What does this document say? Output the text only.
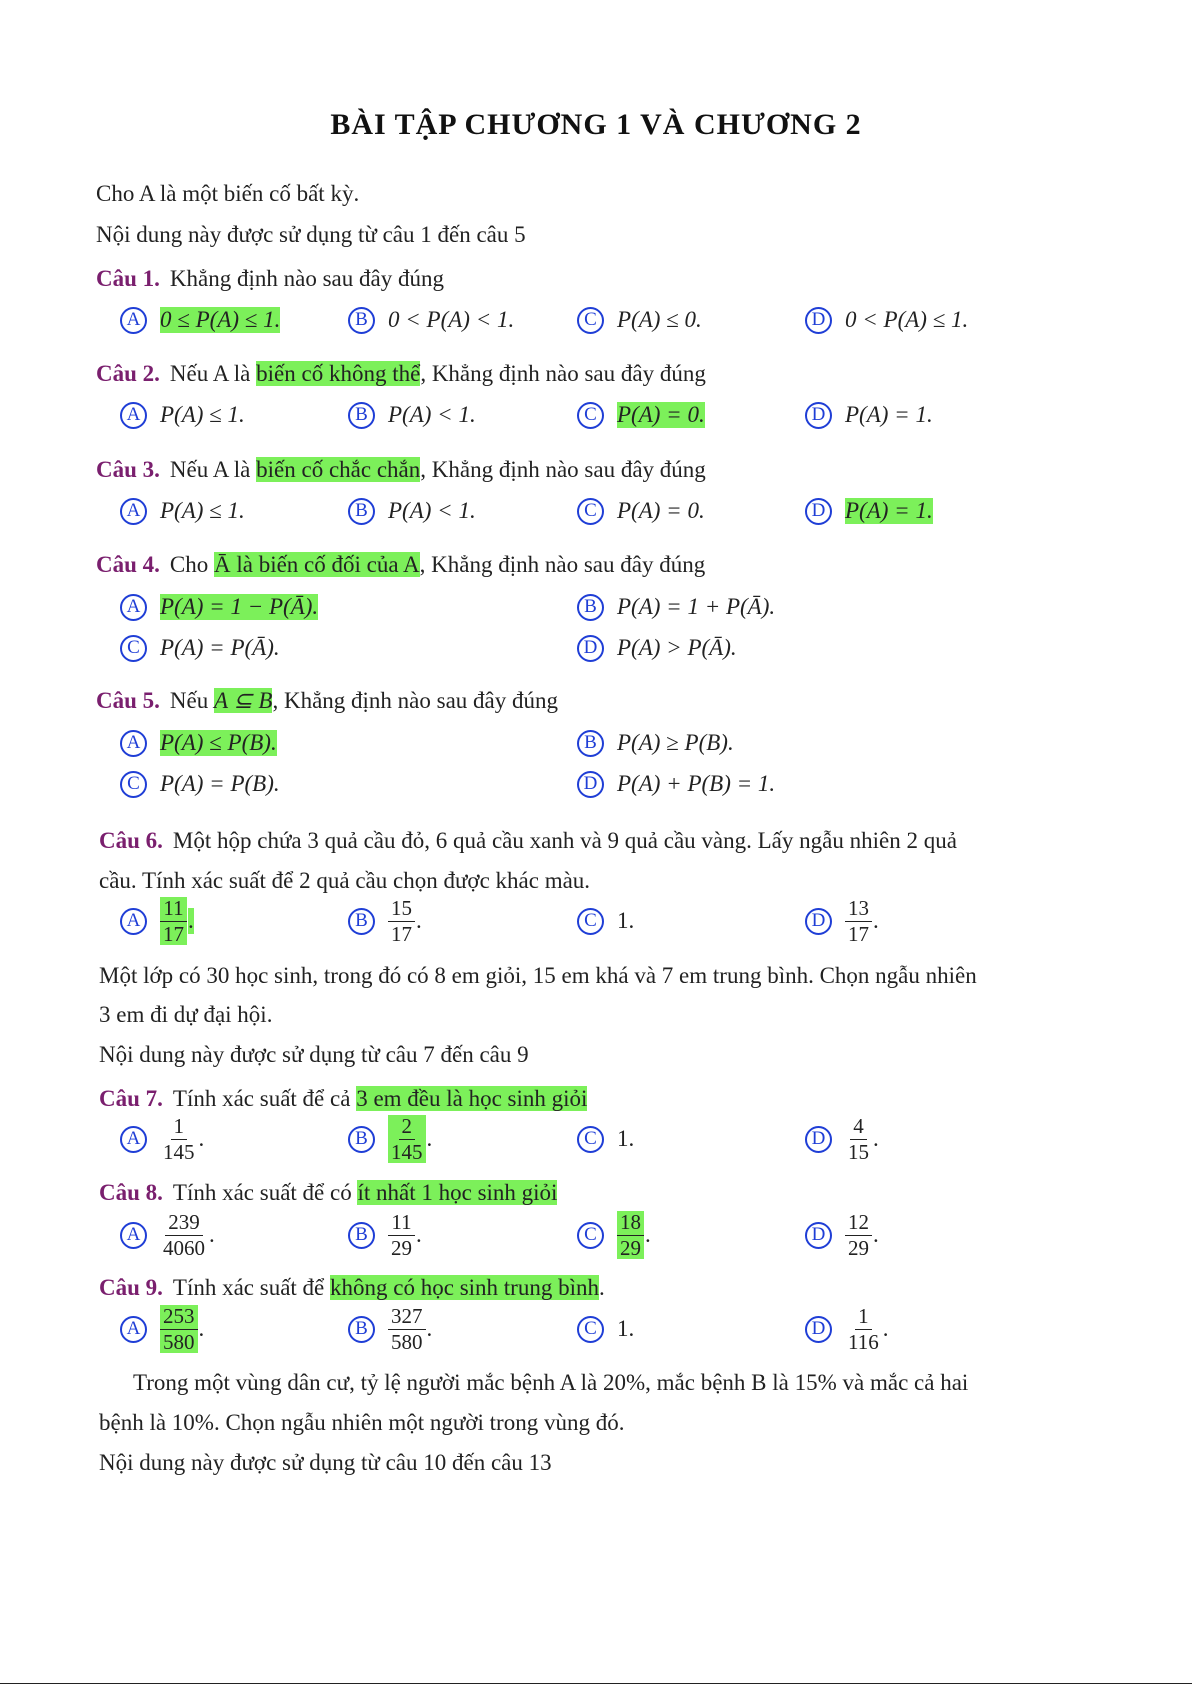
BÀI TẬP CHƯƠNG 1 VÀ CHƯƠNG 2
Cho A là một biến cố bất kỳ.
Nội dung này được sử dụng từ câu 1 đến câu 5
Câu 1. Khẳng định nào sau đây đúng
A 0 ≤ P(A) ≤ 1.	B 0 < P(A) < 1.	C P(A) ≤ 0.	D 0 < P(A) ≤ 1.
Câu 2. Nếu A là biến cố không thể, Khẳng định nào sau đây đúng
A P(A) ≤ 1.	B P(A) < 1.	C P(A) = 0.	D P(A) = 1.
Câu 3. Nếu A là biến cố chắc chắn, Khẳng định nào sau đây đúng
A P(A) ≤ 1.	B P(A) < 1.	C P(A) = 0.	D P(A) = 1.
Câu 4. Cho Ā là biến cố đối của A, Khẳng định nào sau đây đúng
A P(A) = 1 − P(Ā).	B P(A) = 1 + P(Ā).
C P(A) = P(Ā).	D P(A) > P(Ā).
Câu 5. Nếu A ⊆ B, Khẳng định nào sau đây đúng
A P(A) ≤ P(B).	B P(A) ≥ P(B).
C P(A) = P(B).	D P(A) + P(B) = 1.
Câu 6. Một hộp chứa 3 quả cầu đỏ, 6 quả cầu xanh và 9 quả cầu vàng. Lấy ngẫu nhiên 2 quả
cầu. Tính xác suất để 2 quả cầu chọn được khác màu.
A $\frac{11}{17}$ .	B $\frac{15}{17}$ .	C 1.	D $\frac{13}{17}$ .
Một lớp có 30 học sinh, trong đó có 8 em giỏi, 15 em khá và 7 em trung bình. Chọn ngẫu nhiên
3 em đi dự đại hội.
Nội dung này được sử dụng từ câu 7 đến câu 9
Câu 7. Tính xác suất để cả 3 em đều là học sinh giỏi
A $\frac{1}{145}$ .	B $\frac{2}{145}$ .	C 1.	D $\frac{4}{15}$ .
Câu 8. Tính xác suất để có ít nhất 1 học sinh giỏi
A $\frac{239}{4060}$ .	B $\frac{11}{29}$ .	C $\frac{18}{29}$ .	D $\frac{12}{29}$ .
Câu 9. Tính xác suất để không có học sinh trung bình.
A $\frac{253}{580}$ .	B $\frac{327}{580}$ .	C 1.	D $\frac{1}{116}$ .
Trong một vùng dân cư, tỷ lệ người mắc bệnh A là 20%, mắc bệnh B là 15% và mắc cả hai
bệnh là 10%. Chọn ngẫu nhiên một người trong vùng đó.
Nội dung này được sử dụng từ câu 10 đến câu 13
